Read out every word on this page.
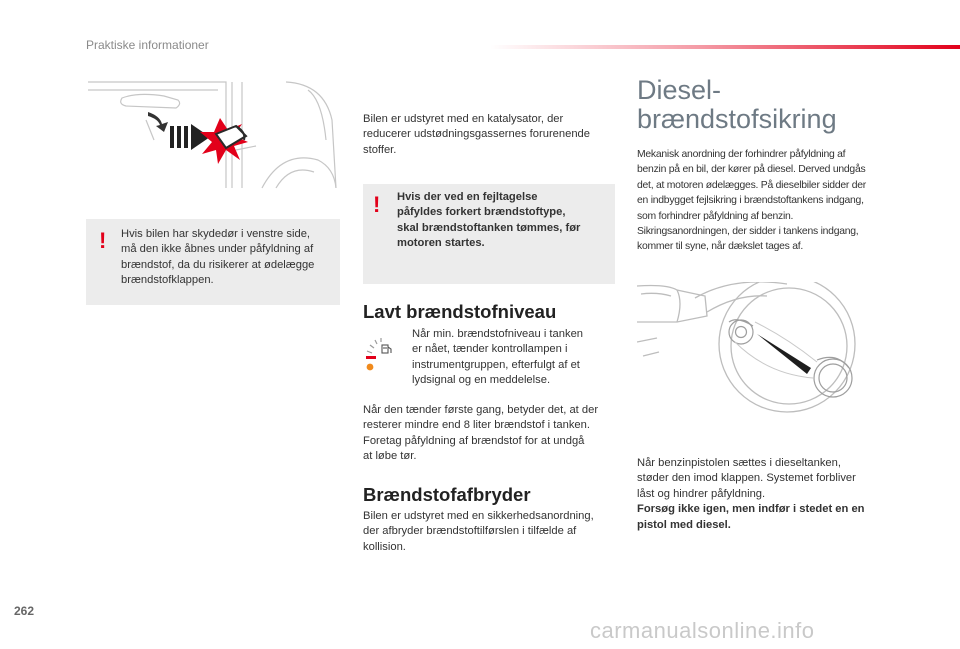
Praktiske informationer
! Hvis bilen har skydedør i venstre side,
må den ikke åbnes under påfyldning af
brændstof, da du risikerer at ødelægge
brændstofklappen.
Bilen er udstyret med en katalysator, der
reducerer udstødningsgassernes forurenende
stoffer.
! Hvis der ved en fejltagelse
påfyldes forkert brændstoftype,
skal brændstoftanken tømmes, før
motoren startes.
Lavt brændstofniveau
Når min. brændstofniveau i tanken
er nået, tænder kontrollampen i
instrumentgruppen, efterfulgt af et
lydsignal og en meddelelse.
Når den tænder første gang, betyder det, at der
resterer mindre end 8 liter brændstof i tanken.
Foretag påfyldning af brændstof for at undgå
at løbe tør.
Brændstofafbryder
Bilen er udstyret med en sikkerhedsanordning,
der afbryder brændstoftilførslen i tilfælde af
kollision.
Diesel-
brændstofsikring
Mekanisk anordning der forhindrer påfyldning af
benzin på en bil, der kører på diesel. Derved undgås
det, at motoren ødelægges. På dieselbiler sidder der
en indbygget fejlsikring i brændstoftankens indgang,
som forhindrer påfyldning af benzin.
Sikringsanordningen, der sidder i tankens indgang,
kommer til syne, når dækslet tages af.
Når benzinpistolen sættes i dieseltanken,
støder den imod klappen. Systemet forbliver
låst og hindrer påfyldning.
Forsøg ikke igen, men indfør i stedet en en
pistol med diesel.
262
carmanualsonline.info
